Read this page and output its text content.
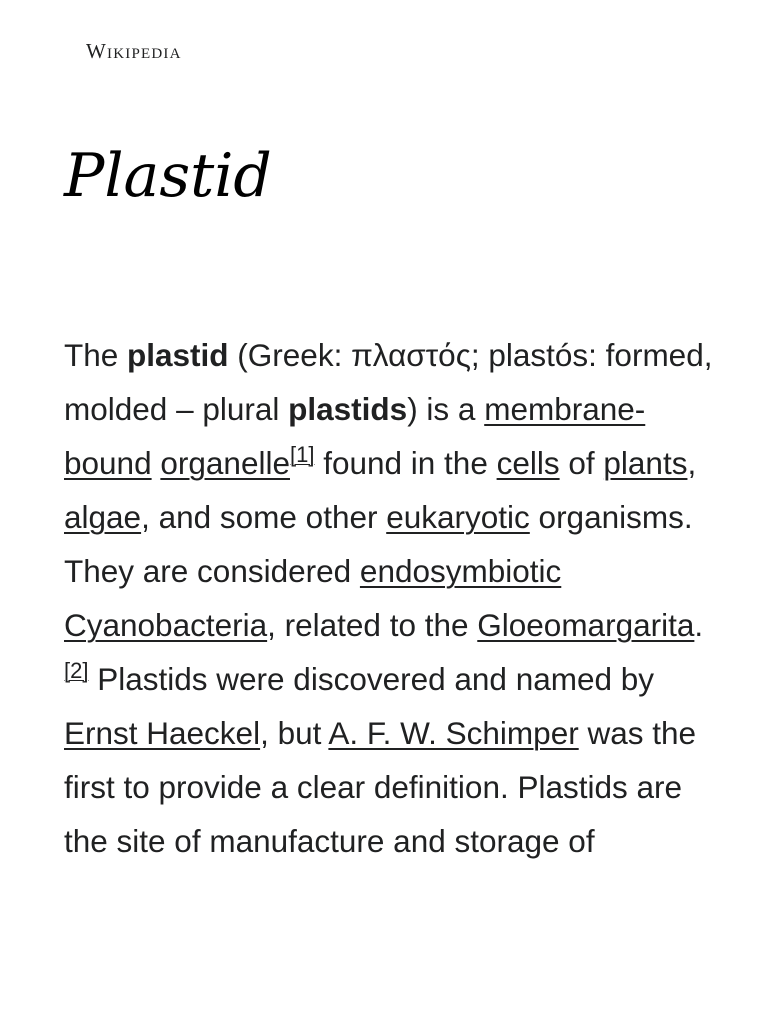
Wikipedia
Plastid

The plastid (Greek: πλαστός; plastós: formed, molded – plural plastids) is a membrane-bound organelle[1] found in the cells of plants, algae, and some other eukaryotic organisms. They are considered endosymbiotic Cyanobacteria, related to the Gloeomargarita.[2] Plastids were discovered and named by Ernst Haeckel, but A. F. W. Schimper was the first to provide a clear definition. Plastids are the site of manufacture and storage of
